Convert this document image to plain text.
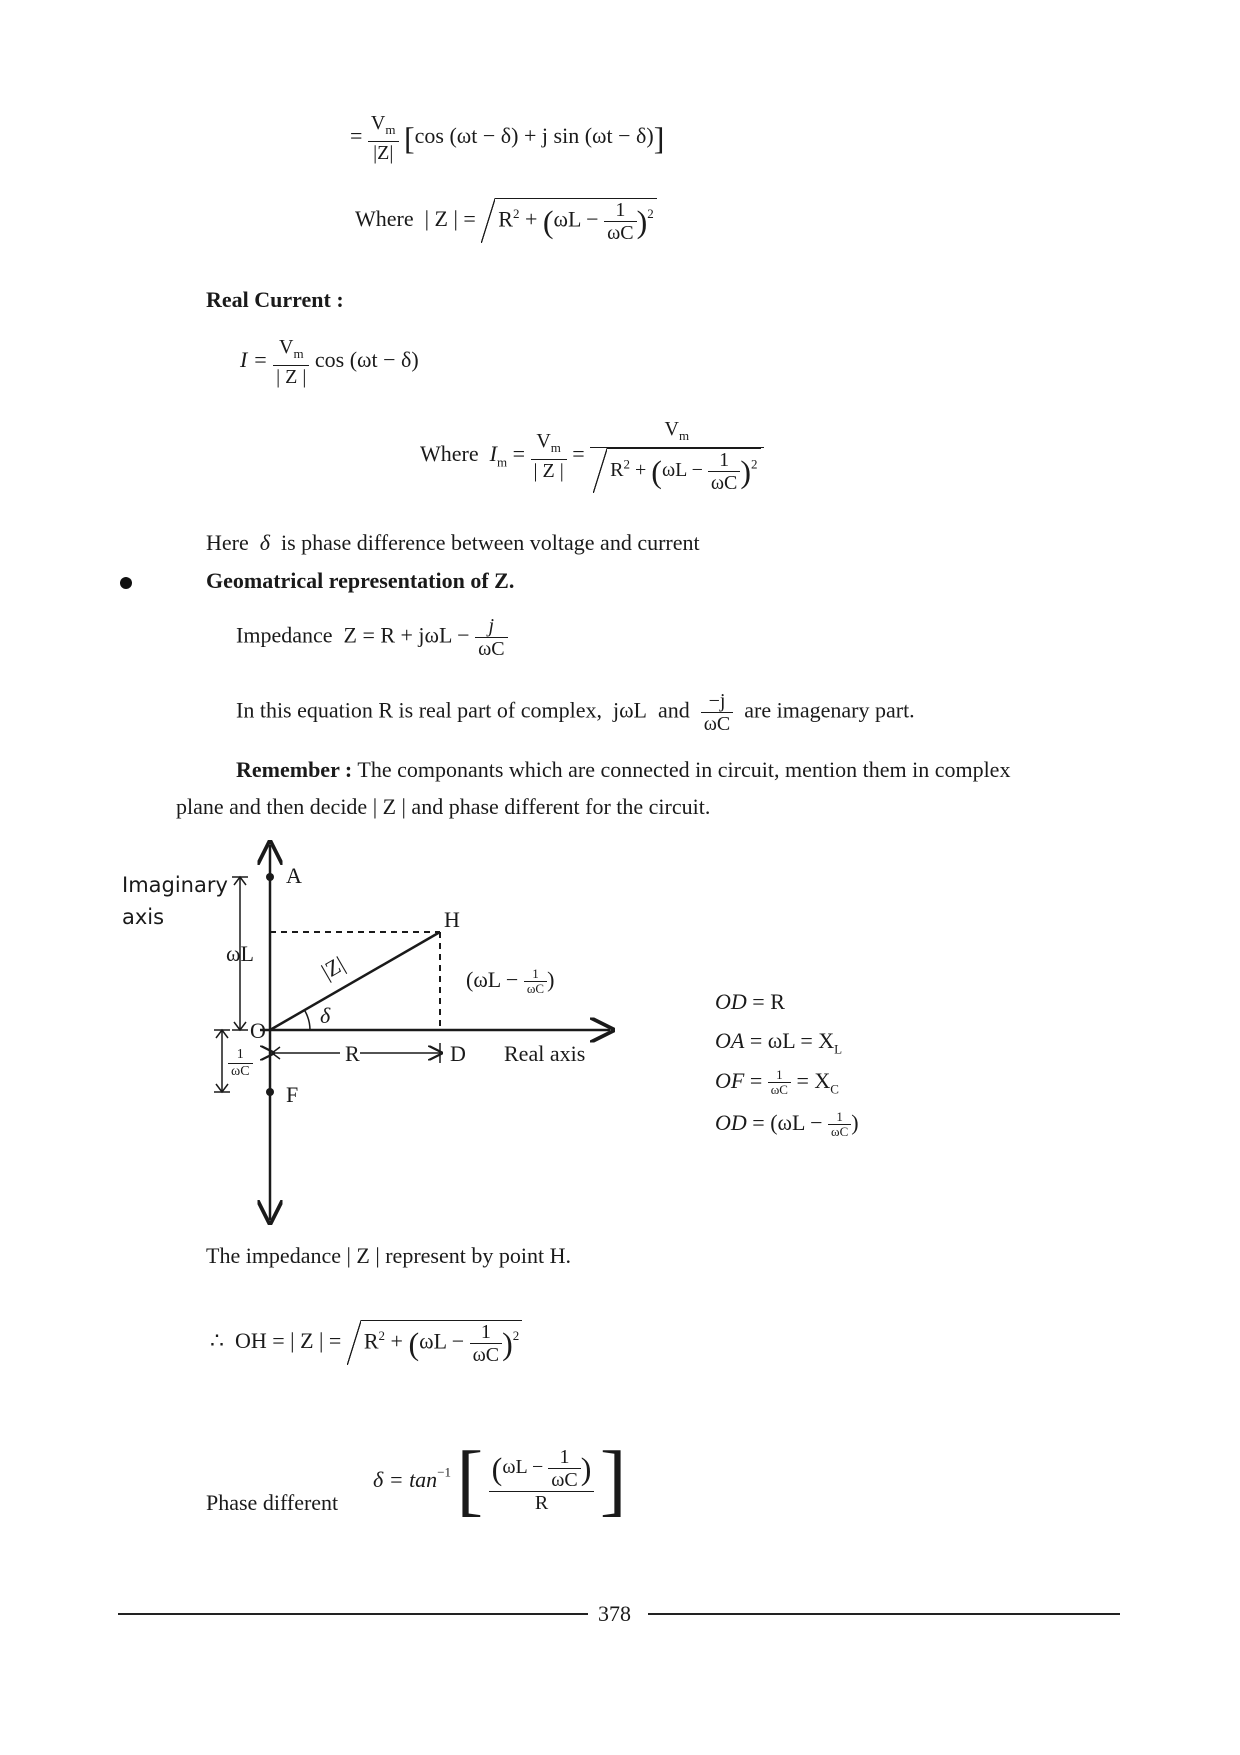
= $\frac{V_m}{|Z|} [\cos$ (ωt − δ) + j sin (ωt − δ)]
Where | Z | = $R^2 + (\omega L - \frac{1}{\omega C} )^2$
Real Current :
$I = \frac{V_m}{| Z |}$ cos (ωt − δ)
Where $I_m = \frac{V_m}{| Z |} = \frac{V_m}{R^2 + (\omega L - \frac{1}{\omega C} )^2}$
Here δ is phase difference between voltage and current
Geomatrical representation of Z.
Impedance $Z = R + j\omega L - \frac{j}{\omega C}$
In this equation R is real part of complex, jωL and $\frac{-j}{\omega C}$ are imagenary part.
Remember : The componants which are connected in circuit, mention them in complex
plane and then decide | Z | and phase different for the circuit.
Imaginary
axis
A
H
O
D
F
ωL	|Z|
δ
R	Real axis
($\omega L - \frac{1}{\omega C}$ )
$\frac{1}{\omega C}$
OD = R
OA = $\omega L = X_L$
OF = $\frac{1}{\omega C} = X_C$
OD = ($\omega L - \frac{1}{\omega C}$ )
The impedance | Z | represent by point H.
∴ OH = | Z | = $R^2 + (\omega L - \frac{1}{\omega C} )^2$
Phase different
$\delta = \tan^{-1}$ [ $\frac{(\omega L - \frac{1}{\omega C} )}{R}$ ]
378
